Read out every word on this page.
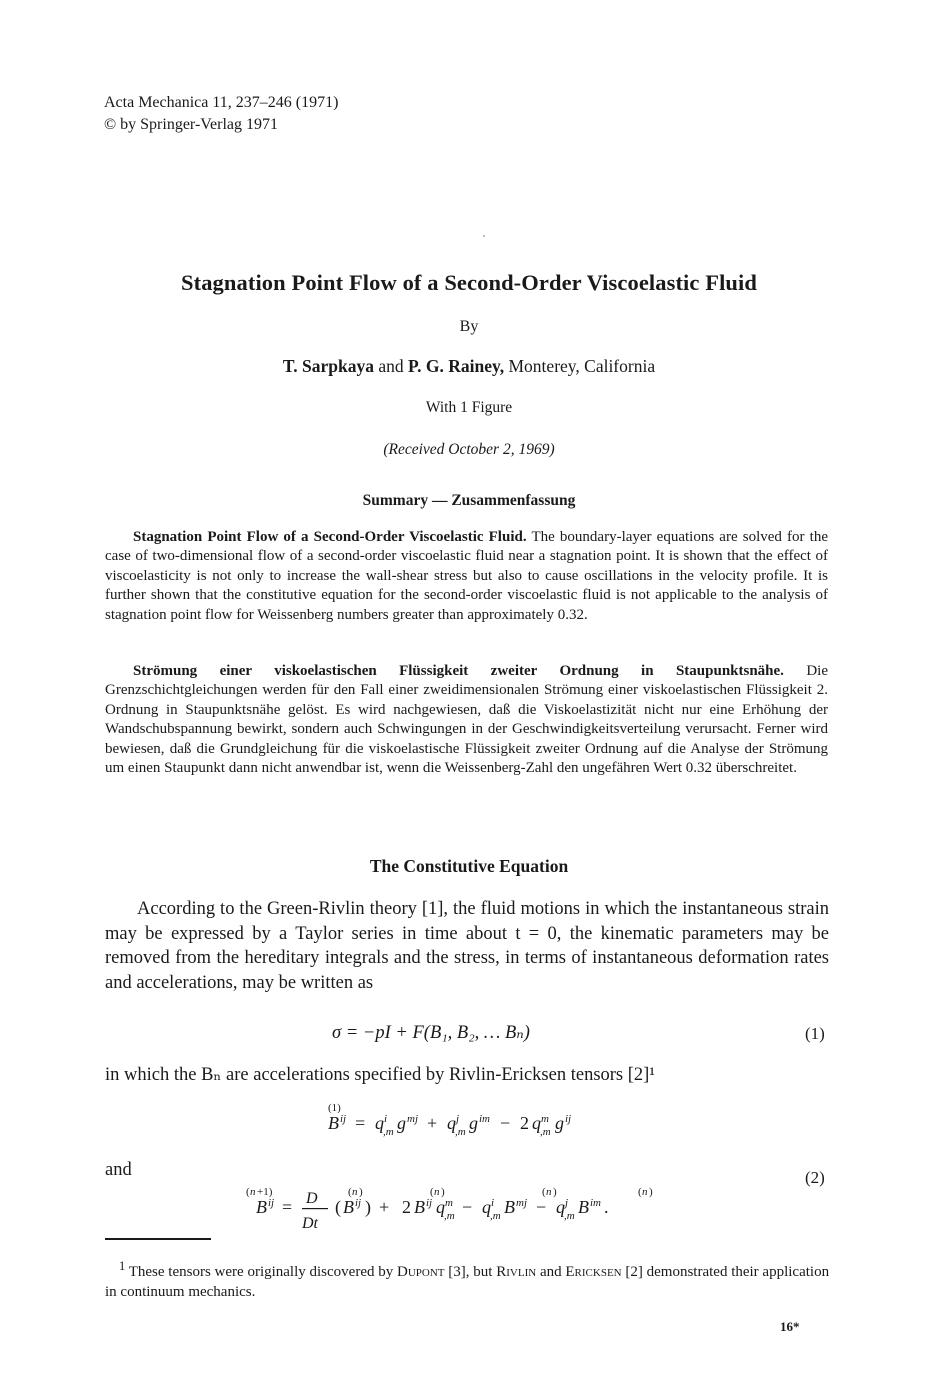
Acta Mechanica 11, 237–246 (1971)
© by Springer-Verlag 1971
Stagnation Point Flow of a Second-Order Viscoelastic Fluid
By
T. Sarpkaya and P. G. Rainey, Monterey, California
With 1 Figure
(Received October 2, 1969)
Summary — Zusammenfassung

Stagnation Point Flow of a Second-Order Viscoelastic Fluid. The boundary-layer equations are solved for the case of two-dimensional flow of a second-order viscoelastic fluid near a stagnation point. It is shown that the effect of viscoelasticity is not only to increase the wall-shear stress but also to cause oscillations in the velocity profile. It is further shown that the constitutive equation for the second-order viscoelastic fluid is not applicable to the analysis of stagnation point flow for Weissenberg numbers greater than approximately 0.32.

Strömung einer viskoelastischen Flüssigkeit zweiter Ordnung in Staupunktsnähe. Die Grenzschichtgleichungen werden für den Fall einer zweidimensionalen Strömung einer viskoelastischen Flüssigkeit 2. Ordnung in Staupunktsnähe gelöst. Es wird nachgewiesen, daß die Viskoelastizität nicht nur eine Erhöhung der Wandschubspannung bewirkt, sondern auch Schwingungen in der Geschwindigkeitsverteilung verursacht. Ferner wird bewiesen, daß die Grundgleichung für die viskoelastische Flüssigkeit zweiter Ordnung auf die Analyse der Strömung um einen Staupunkt dann nicht anwendbar ist, wenn die Weissenberg-Zahl den ungefähren Wert 0.32 überschreitet.

The Constitutive Equation

According to the Green-Rivlin theory [1], the fluid motions in which the instantaneous strain may be expressed by a Taylor series in time about t = 0, the kinematic parameters may be removed from the hereditary integrals and the stress, in terms of instantaneous deformation rates and accelerations, may be written as

σ = −pI + F(B₁, B₂, … Bₙ)	(1)
in which the Bₙ are accelerations specified by Rivlin-Ericksen tensors [2]¹
(1)
B ij = q i
,m g mj + q j
,m g im − 2 q m
,m g ij
( n +1)
B ij = D
Dt
( n )
( B ij ) + 2
( n )
B ij q m
,m − q i
,m
( n )
B mj − q j
,m
( n )
B im .
and	(2)

$^1$ These tensors were originally discovered by Dupont [3], but Rivlin and Ericksen [2] demonstrated their application in continuum mechanics.

16*
